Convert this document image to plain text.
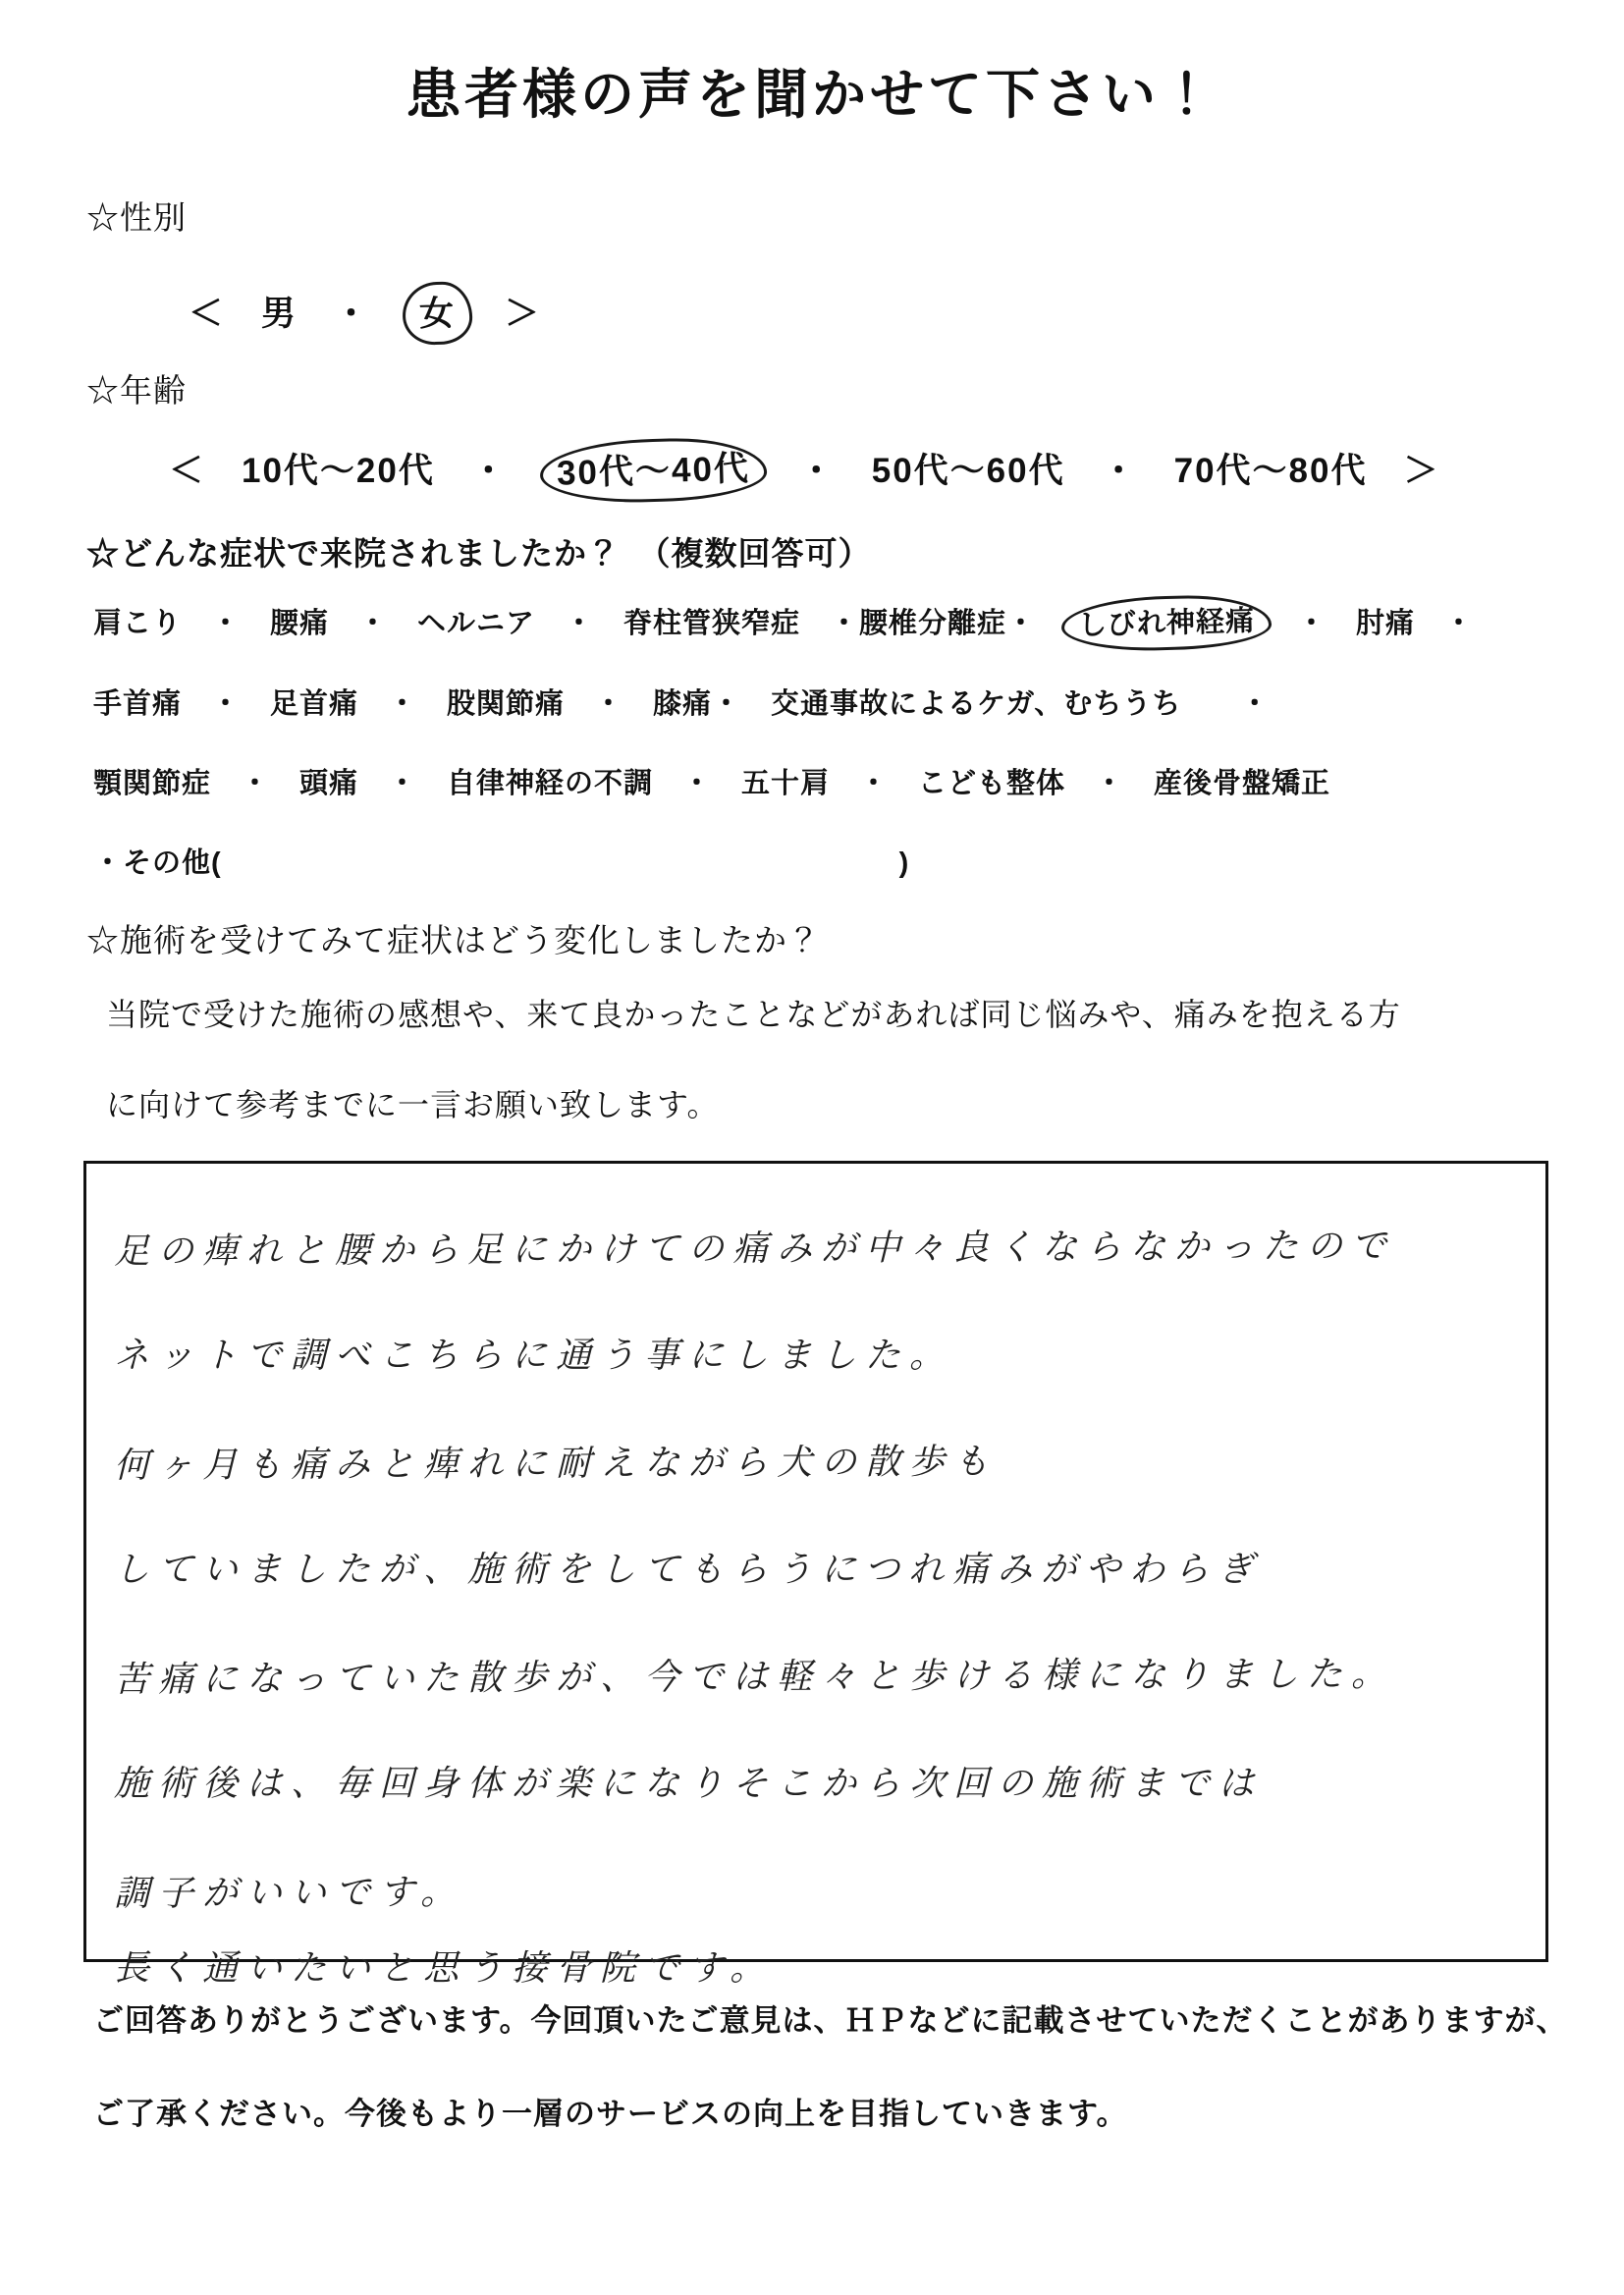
患者様の声を聞かせて下さい！
☆性別
＜　男　・　女　＞
☆年齢
＜　10代～20代　・　30代～40代　・　50代～60代　・　70代～80代　＞
☆どんな症状で来院されましたか？　（複数回答可）
肩こり　・　腰痛　・　ヘルニア　・　脊柱管狭窄症　・腰椎分離症・　しびれ神経痛　・　肘痛　・
手首痛　・　足首痛　・　股関節痛　・　膝痛・　交通事故によるケガ、むちうち　　・
顎関節症　・　頭痛　・　自律神経の不調　・　五十肩　・　こども整体　・　産後骨盤矯正
・その他(　　　　　　　　　　　　　　　　　　　　　　　)
☆施術を受けてみて症状はどう変化しましたか？
当院で受けた施術の感想や、来て良かったことなどがあれば同じ悩みや、痛みを抱える方
に向けて参考までに一言お願い致します。
足の痺れと腰から足にかけての痛みが中々良くならなかったので
ネットで調べこちらに通う事にしました。
何ヶ月も痛みと痺れに耐えながら犬の散歩も
していましたが、施術をしてもらうにつれ痛みがやわらぎ
苦痛になっていた散歩が、今では軽々と歩ける様になりました。
施術後は、毎回身体が楽になりそこから次回の施術までは
調子がいいです。
長く通いたいと思う接骨院です。
ご回答ありがとうございます。今回頂いたご意見は、ＨＰなどに記載させていただくことがありますが、
ご了承ください。今後もより一層のサービスの向上を目指していきます。
